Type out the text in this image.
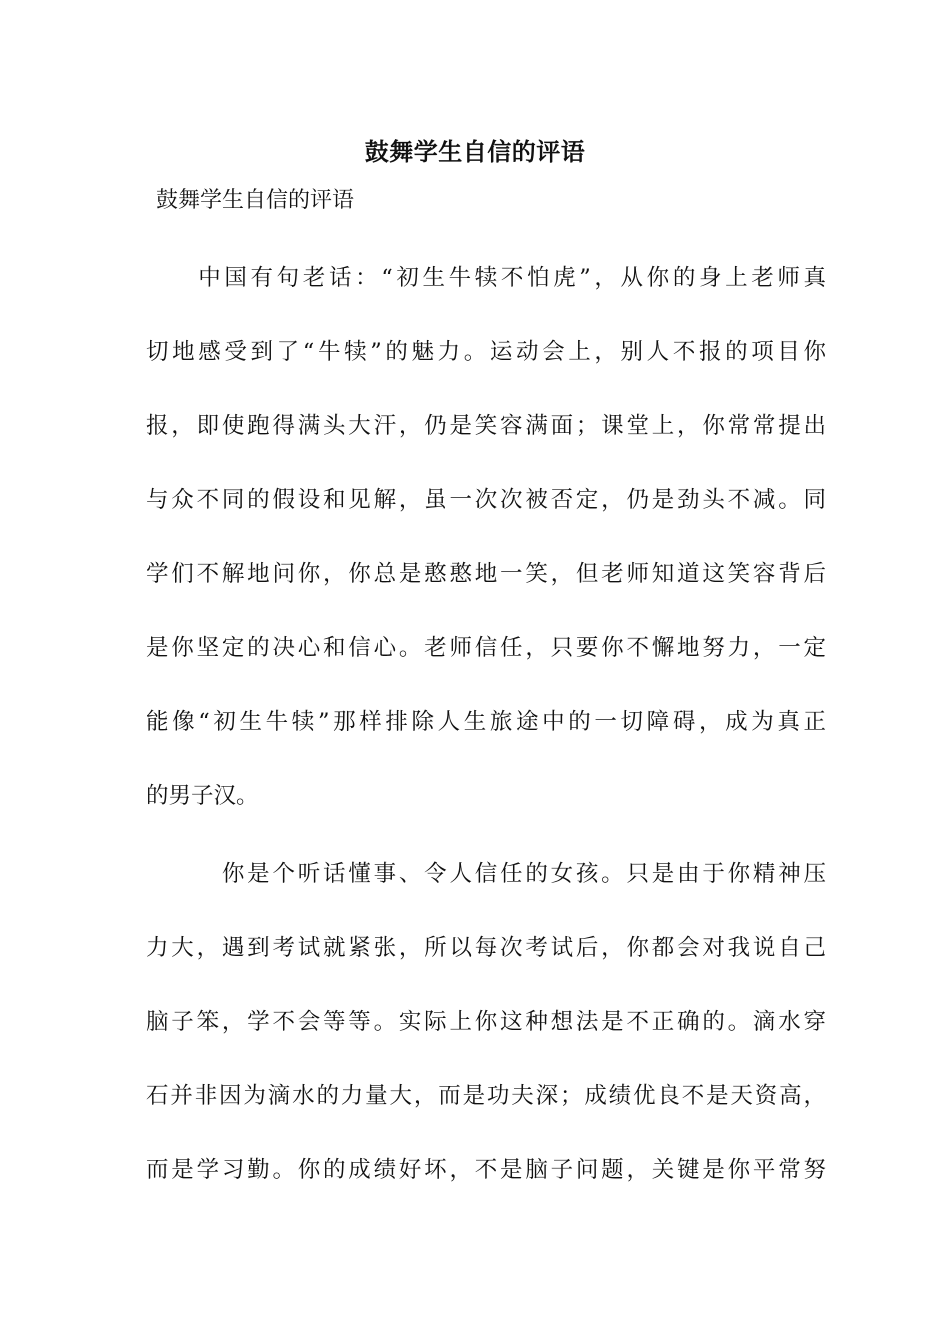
鼓舞学生自信的评语
鼓舞学生自信的评语
　　中国有句老话：“初生牛犊不怕虎”，从你的身上老师真
切地感受到了“牛犊”的魅力。运动会上，别人不报的项目你
报，即使跑得满头大汗，仍是笑容满面；课堂上，你常常提出
与众不同的假设和见解，虽一次次被否定，仍是劲头不减。同
学们不解地问你，你总是憨憨地一笑，但老师知道这笑容背后
是你坚定的决心和信心。老师信任，只要你不懈地努力，一定
能像“初生牛犊”那样排除人生旅途中的一切障碍，成为真正
的男子汉。
　　　你是个听话懂事、令人信任的女孩。只是由于你精神压
力大，遇到考试就紧张，所以每次考试后，你都会对我说自己
脑子笨，学不会等等。实际上你这种想法是不正确的。滴水穿
石并非因为滴水的力量大，而是功夫深；成绩优良不是天资高，
而是学习勤。你的成绩好坏，不是脑子问题，关键是你平常努
